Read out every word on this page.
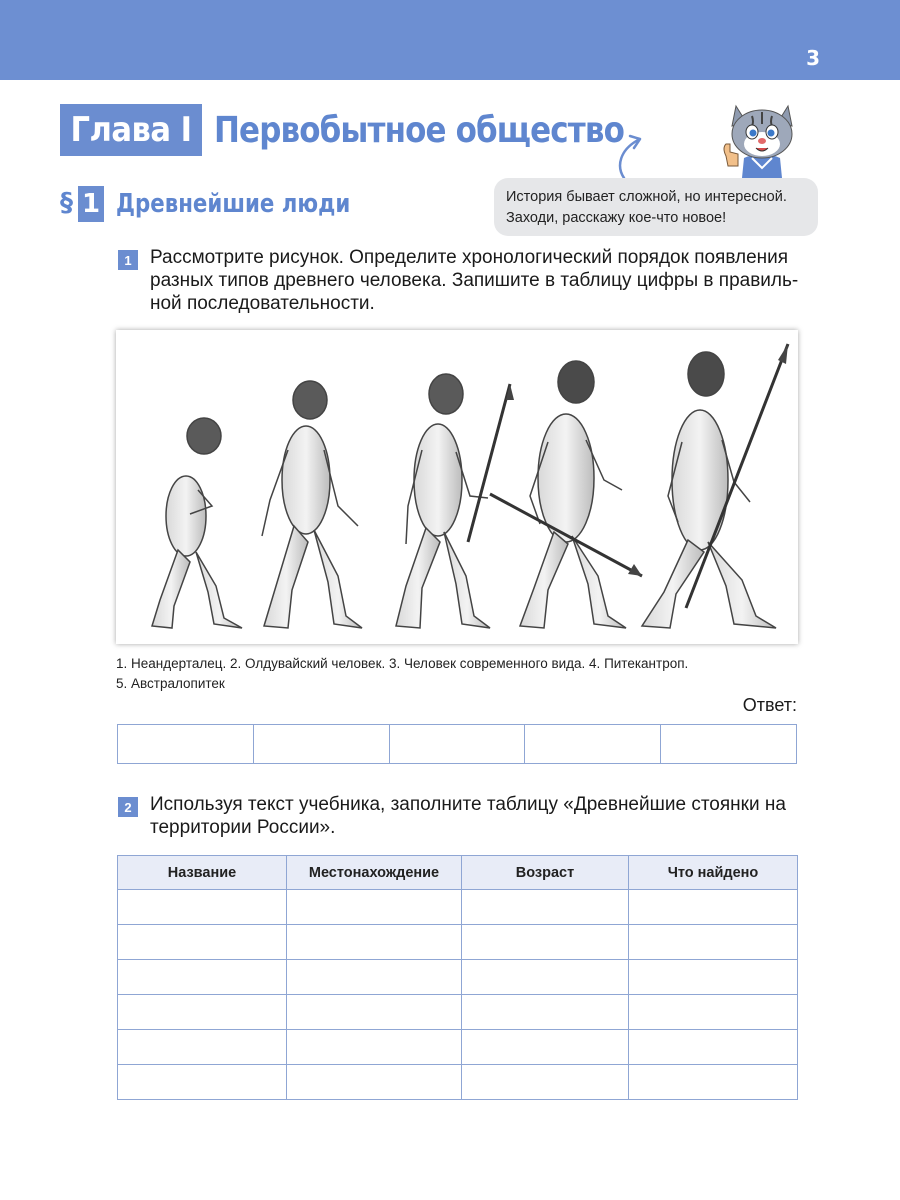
3
Глава I Первобытное общество
§ 1 Древнейшие люди	История бывает сложной, но интересной.
Заходи, расскажу кое-что новое!
1 Рассмотрите рисунок. Определите хронологический порядок появления
разных типов древнего человека. Запишите в таблицу цифры в правиль-
ной последовательности.
1. Неандерталец. 2. Олдувайский человек. 3. Человек современного вида. 4. Питекантроп.
5. Австралопитек
Ответ:

2 Используя текст учебника, заполните таблицу «Древнейшие стоянки на
территории России».
Название	Местонахождение	Возраст	Что найдено
